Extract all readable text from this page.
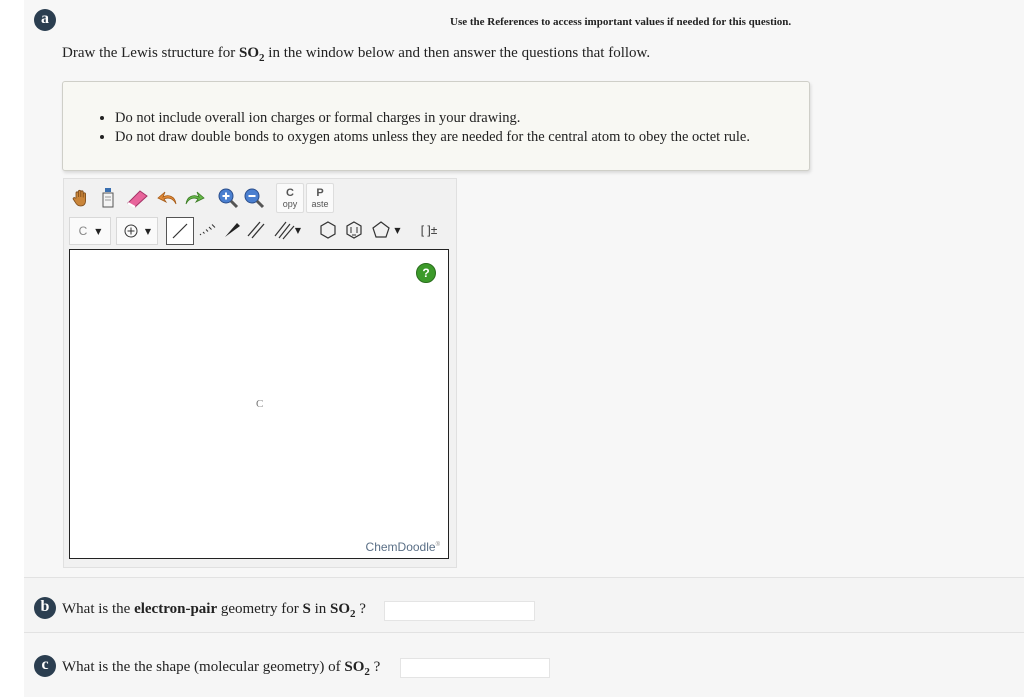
a	Use the References to access important values if needed for this question.
Draw the Lewis structure for $SO_2$ in the window below and then answer the questions that follow.
• Do not include overall ion charges or formal charges in your drawing.
• Do not draw double bonds to oxygen atoms unless they are needed for the central atom to obey the octet rule.
C
opy
P
aste
C ▼	▼	▼	▼ [ ]±
?
C
ChemDoodle®
b What is the electron-pair geometry for S in $SO_2$ ?
c What is the the shape (molecular geometry) of $SO_2$ ?
